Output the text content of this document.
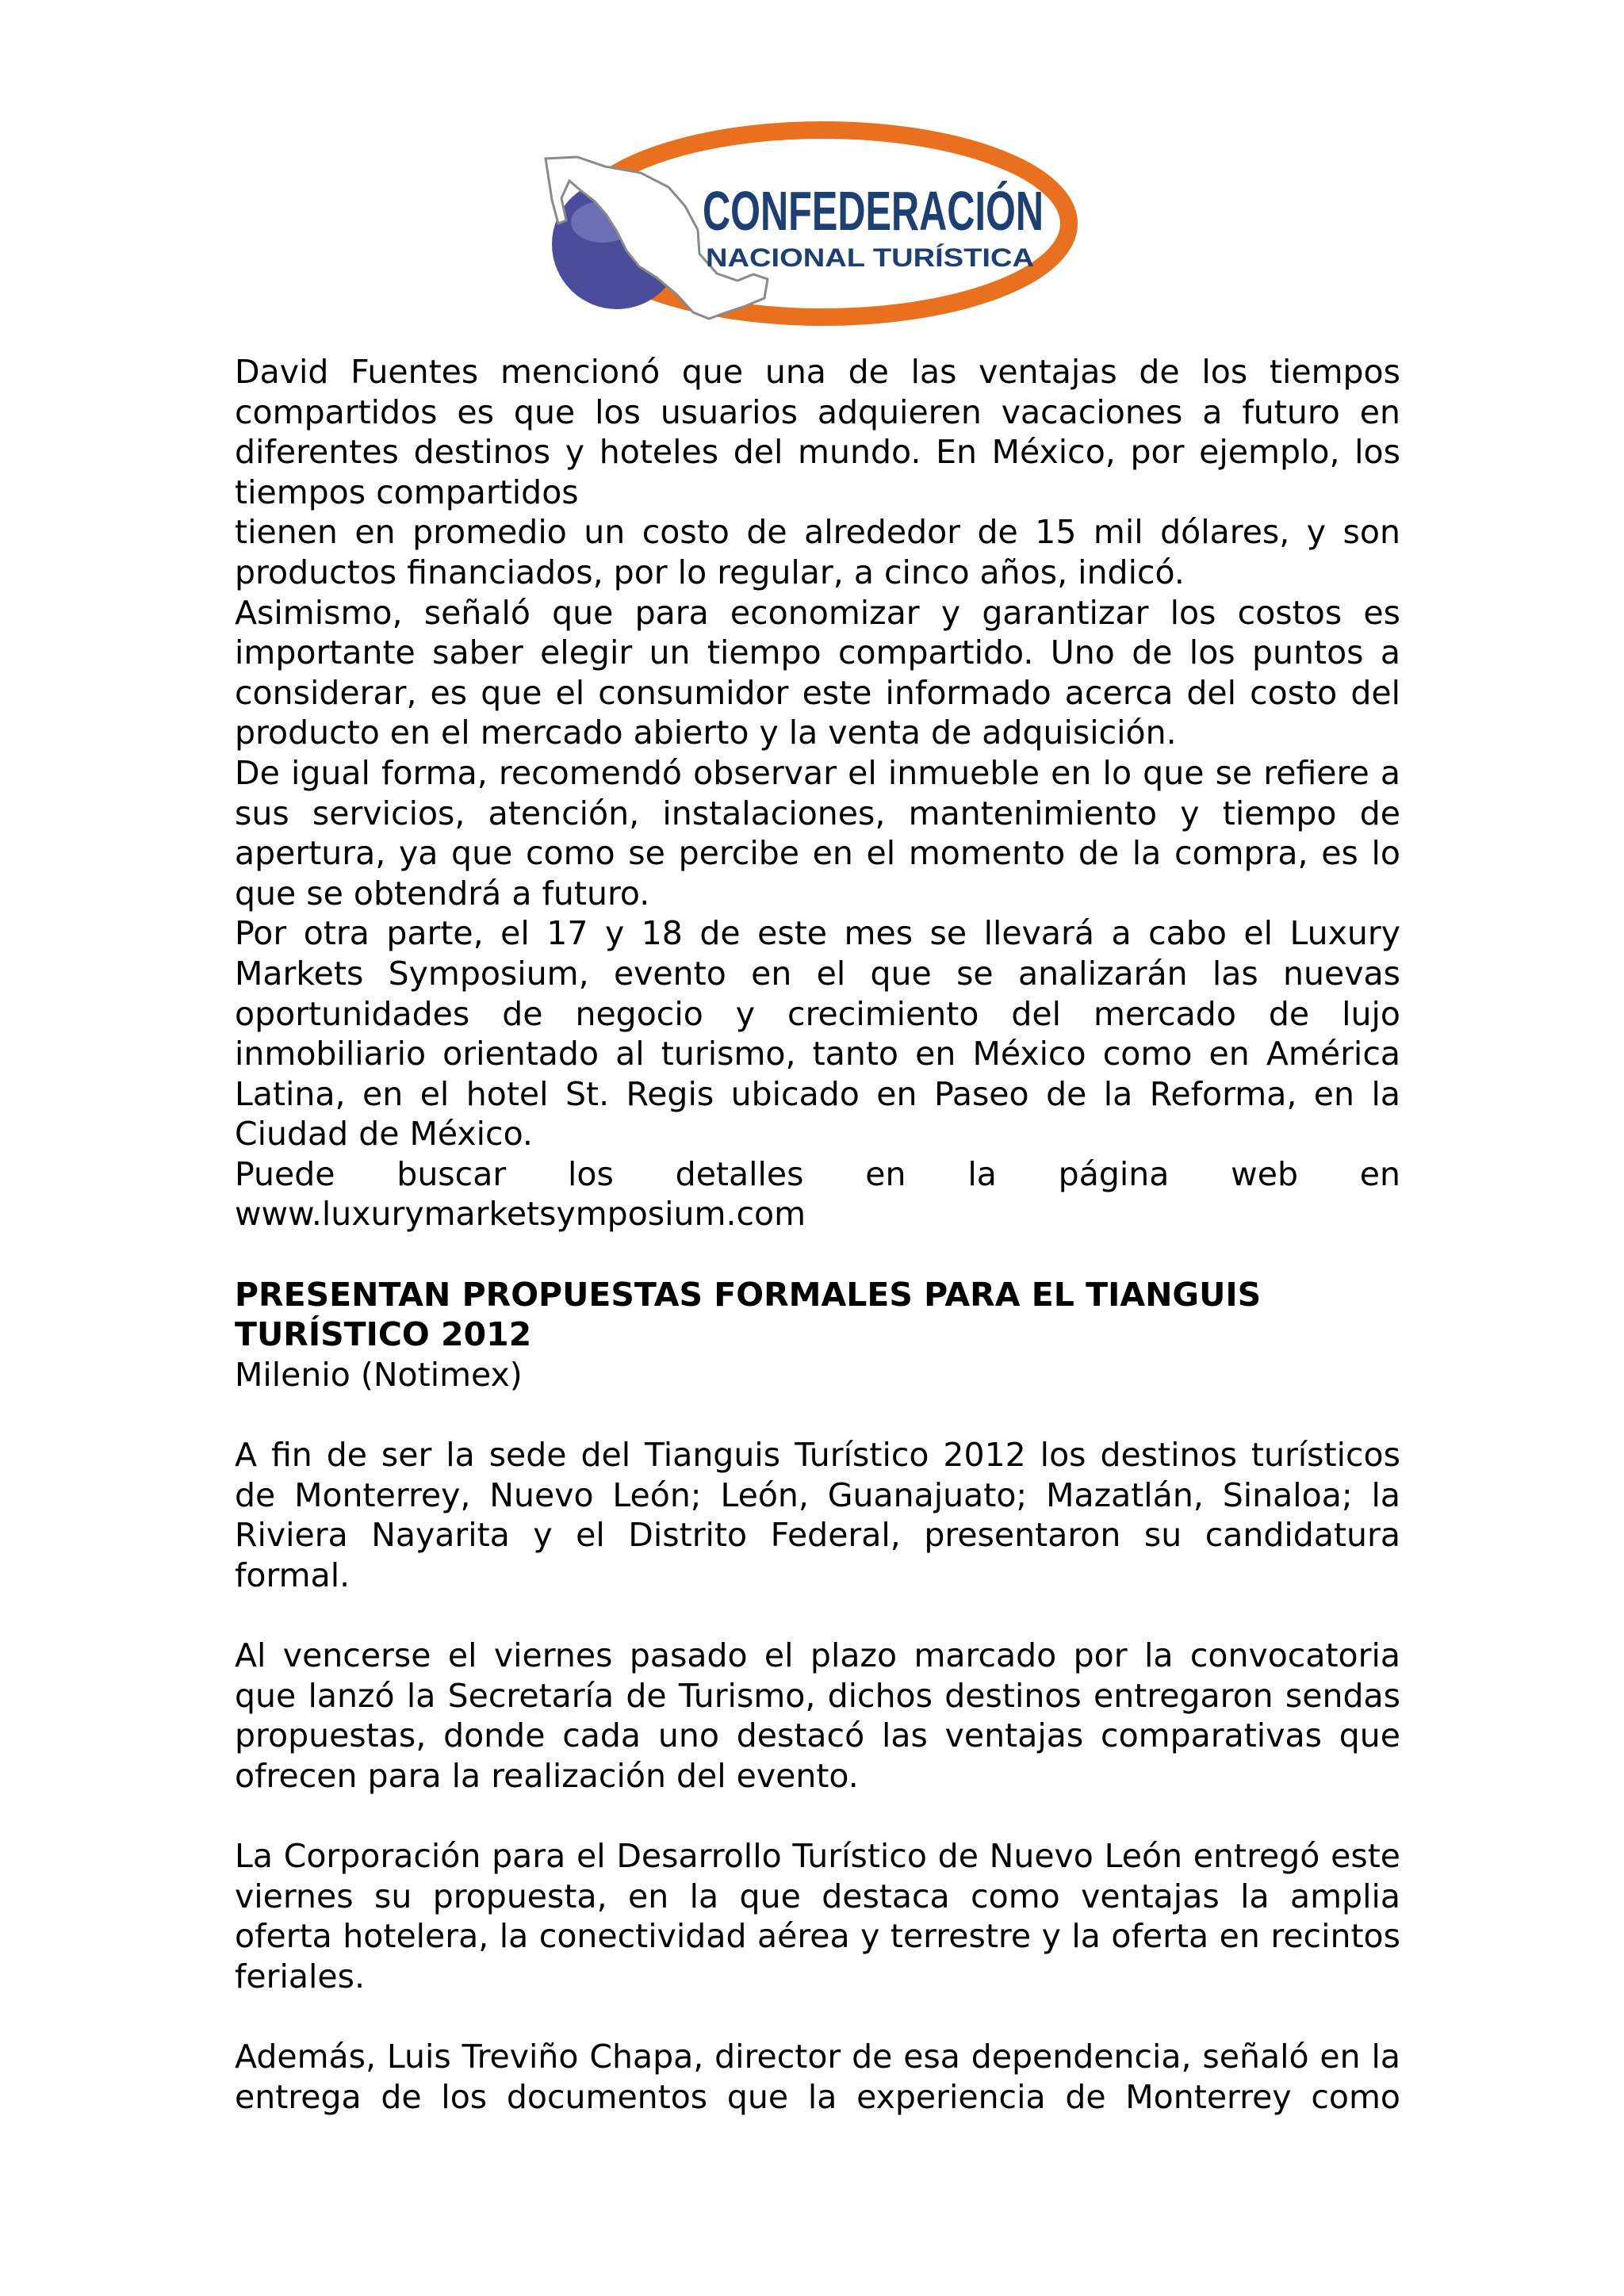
CONFEDERACIÓN
NACIONAL TURÍSTICA

David Fuentes mencionó que una de las ventajas de los tiempos compartidos es que los usuarios adquieren vacaciones a futuro en diferentes destinos y hoteles del mundo. En México, por ejemplo, los tiempos compartidos

tienen en promedio un costo de alrededor de 15 mil dólares, y son productos financiados, por lo regular, a cinco años, indicó.

Asimismo, señaló que para economizar y garantizar los costos es importante saber elegir un tiempo compartido. Uno de los puntos a considerar, es que el consumidor este informado acerca del costo del producto en el mercado abierto y la venta de adquisición.

De igual forma, recomendó observar el inmueble en lo que se refiere a sus servicios, atención, instalaciones, mantenimiento y tiempo de apertura, ya que como se percibe en el momento de la compra, es lo que se obtendrá a futuro.

Por otra parte, el 17 y 18 de este mes se llevará a cabo el Luxury Markets Symposium, evento en el que se analizarán las nuevas oportunidades de negocio y crecimiento del mercado de lujo inmobiliario orientado al turismo, tanto en México como en América Latina, en el hotel St. Regis ubicado en Paseo de la Reforma, en la Ciudad de México.

Puede buscar los detalles en la página web en

www.luxurymarketsymposium.com

PRESENTAN PROPUESTAS FORMALES PARA EL TIANGUIS

TURÍSTICO 2012

Milenio (Notimex)

A fin de ser la sede del Tianguis Turístico 2012 los destinos turísticos de Monterrey, Nuevo León; León, Guanajuato; Mazatlán, Sinaloa; la Riviera Nayarita y el Distrito Federal, presentaron su candidatura formal.

Al vencerse el viernes pasado el plazo marcado por la convocatoria que lanzó la Secretaría de Turismo, dichos destinos entregaron sendas propuestas, donde cada uno destacó las ventajas comparativas que ofrecen para la realización del evento.

La Corporación para el Desarrollo Turístico de Nuevo León entregó este viernes su propuesta, en la que destaca como ventajas la amplia oferta hotelera, la conectividad aérea y terrestre y la oferta en recintos feriales.

Además, Luis Treviño Chapa, director de esa dependencia, señaló en la entrega de los documentos que la experiencia de Monterrey como
